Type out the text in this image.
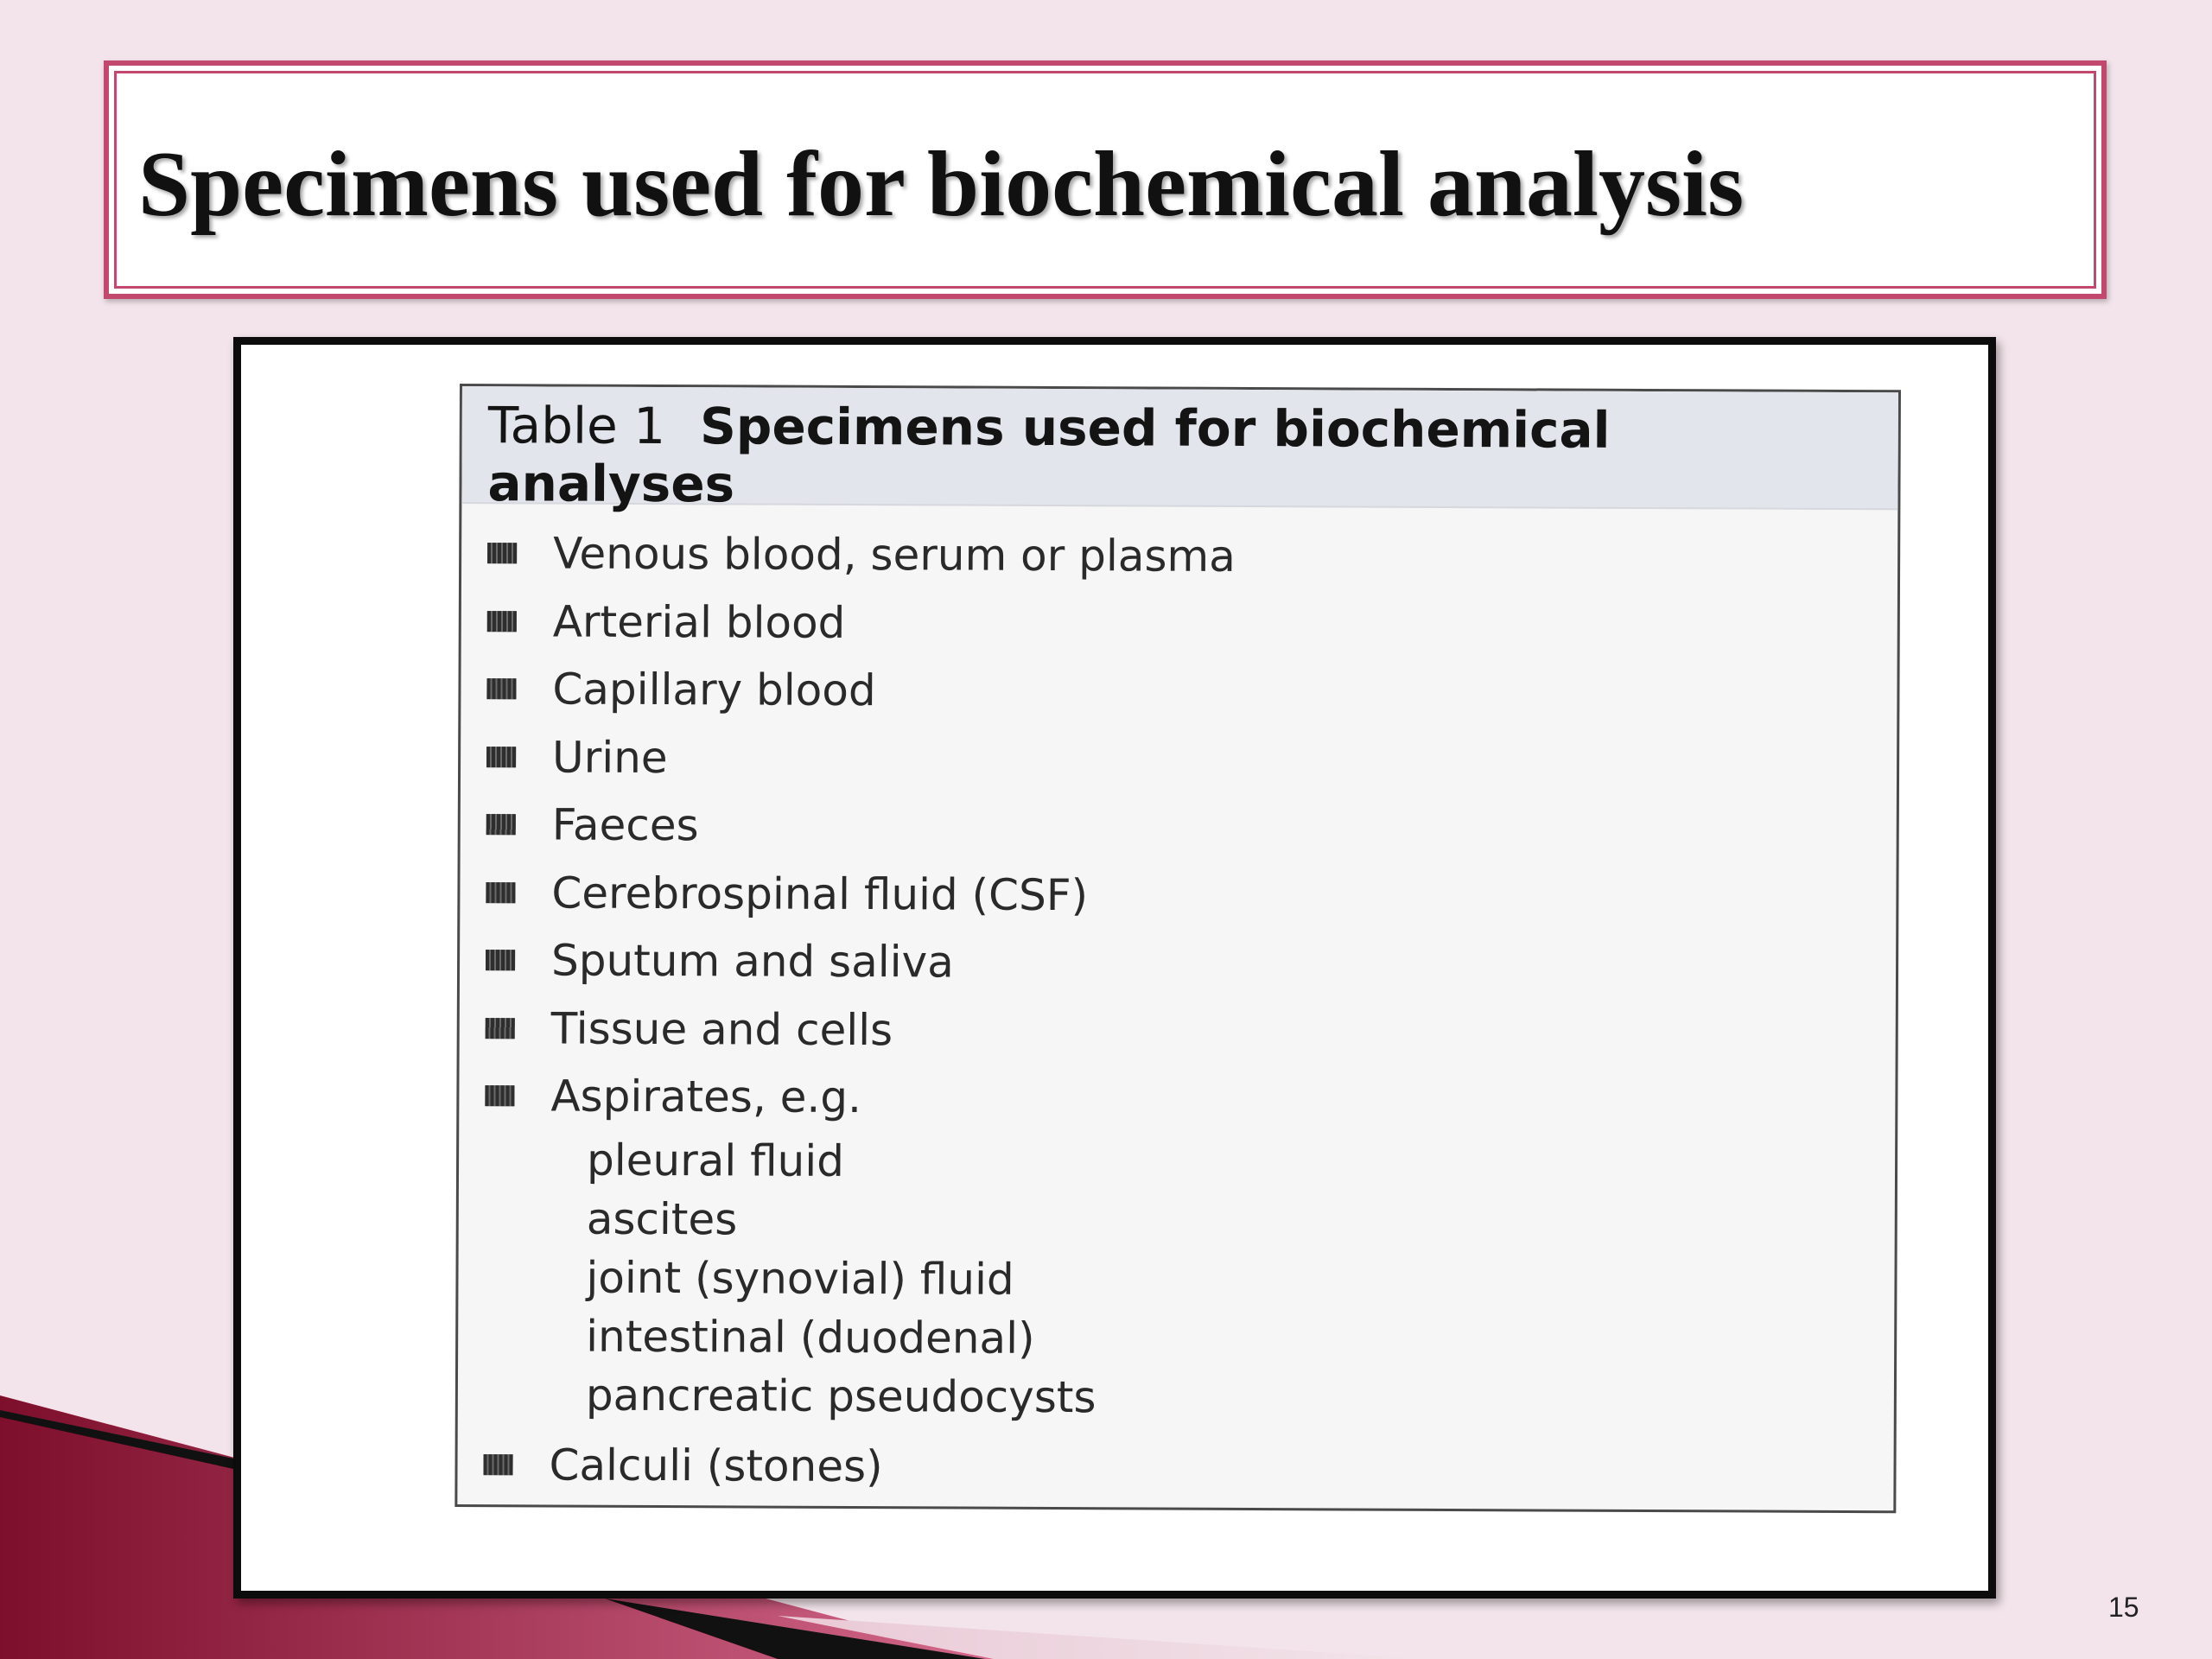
Specimens used for biochemical analysis
Table 1 Specimens used for biochemical
analyses
Venous blood, serum or plasma
Arterial blood
Capillary blood
Urine
Faeces
Cerebrospinal fluid (CSF)
Sputum and saliva
Tissue and cells
Aspirates, e.g.
pleural fluid
ascites
joint (synovial) fluid
intestinal (duodenal)
pancreatic pseudocysts
Calculi (stones)
15
